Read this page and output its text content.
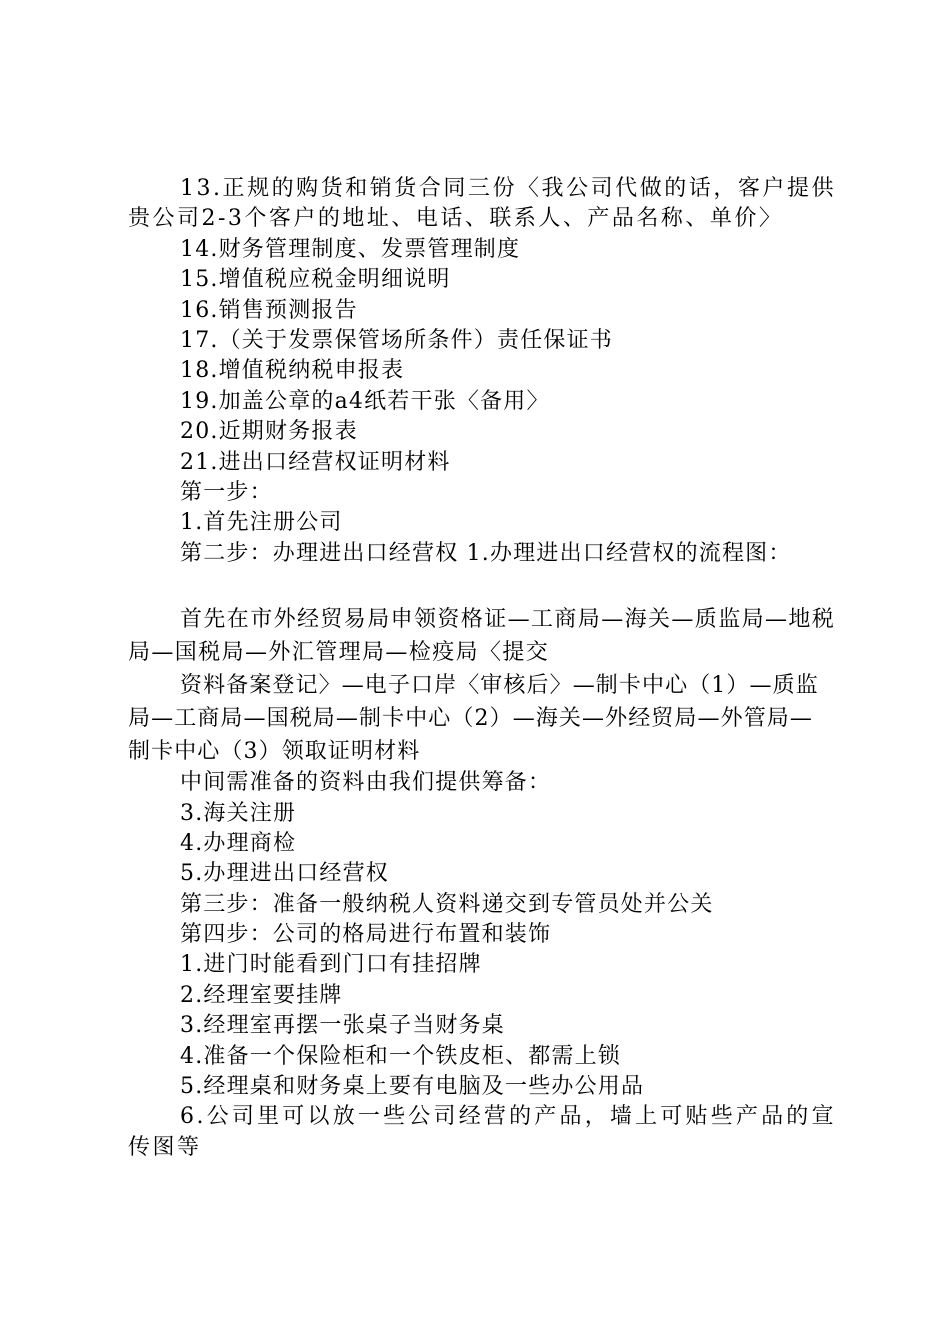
13.正规的购货和销货合同三份〈我公司代做的话，客户提供贵公司2-3个客户的地址、电话、联系人、产品名称、单价〉
14.财务管理制度、发票管理制度
15.增值税应税金明细说明
16.销售预测报告
17.（关于发票保管场所条件）责任保证书
18.增值税纳税申报表
19.加盖公章的a4纸若干张〈备用〉
20.近期财务报表
21.进出口经营权证明材料
第一步：
1.首先注册公司
第二步：办理进出口经营权 1.办理进出口经营权的流程图：
首先在市外经贸易局申领资格证—工商局—海关—质监局—地税局—国税局—外汇管理局—检疫局〈提交
资料备案登记〉—电子口岸〈审核后〉—制卡中心（1）—质监局—工商局—国税局—制卡中心（2）—海关—外经贸局—外管局—制卡中心（3）领取证明材料
中间需准备的资料由我们提供筹备：
3.海关注册
4.办理商检
5.办理进出口经营权
第三步：准备一般纳税人资料递交到专管员处并公关
第四步：公司的格局进行布置和装饰
1.进门时能看到门口有挂招牌
2.经理室要挂牌
3.经理室再摆一张桌子当财务桌
4.准备一个保险柜和一个铁皮柜、都需上锁
5.经理桌和财务桌上要有电脑及一些办公用品
6.公司里可以放一些公司经营的产品，墙上可贴些产品的宣传图等
